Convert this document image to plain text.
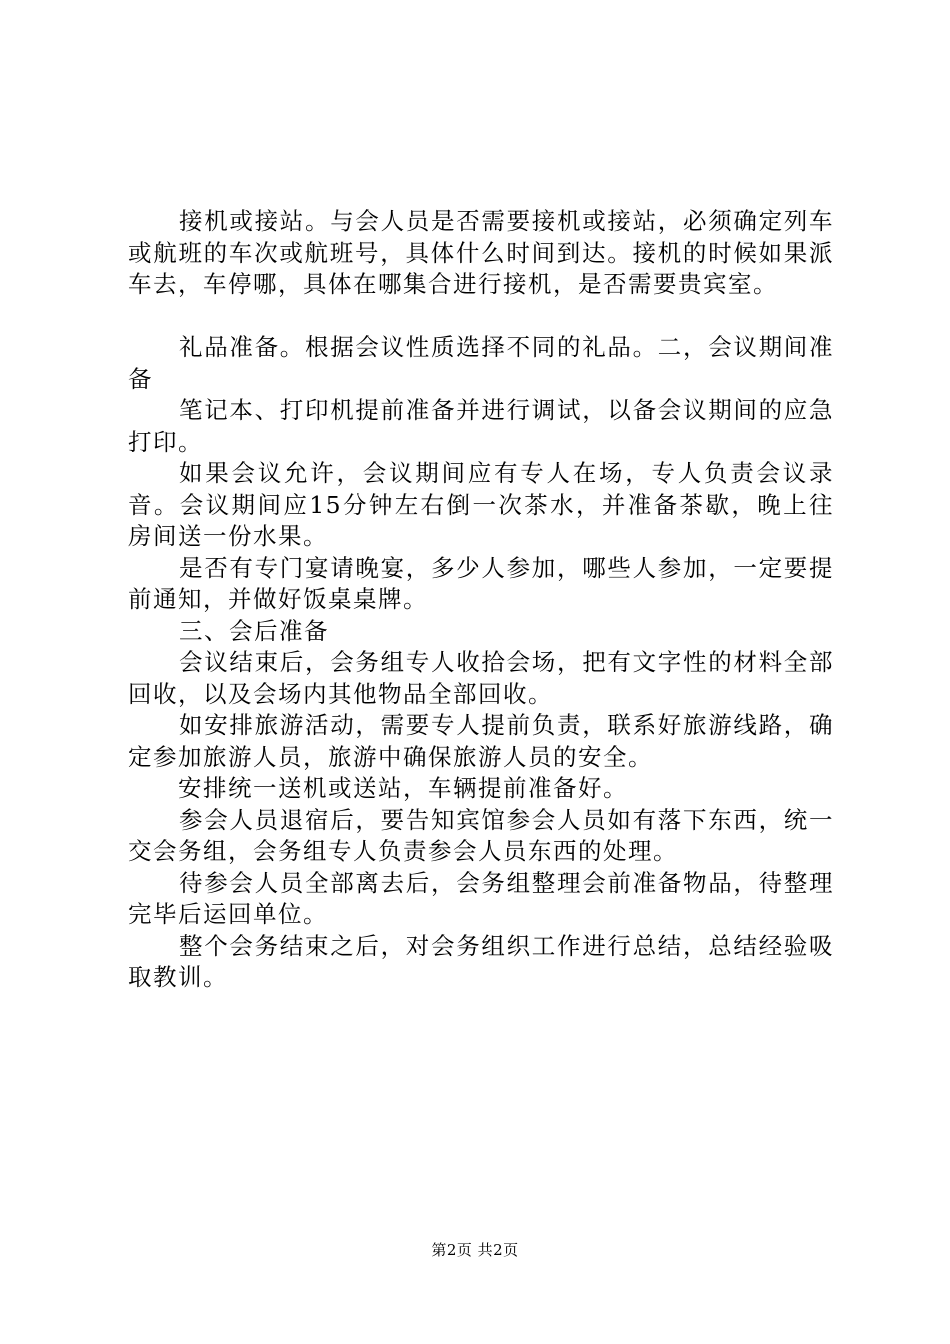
接机或接站。与会人员是否需要接机或接站，必须确定列车或航班的车次或航班号，具体什么时间到达。接机的时候如果派车去，车停哪，具体在哪集合进行接机，是否需要贵宾室。

礼品准备。根据会议性质选择不同的礼品。二，会议期间准备

笔记本、打印机提前准备并进行调试，以备会议期间的应急打印。

如果会议允许，会议期间应有专人在场，专人负责会议录音。会议期间应15分钟左右倒一次茶水，并准备茶歇，晚上往房间送一份水果。

是否有专门宴请晚宴，多少人参加，哪些人参加，一定要提前通知，并做好饭桌桌牌。

三、会后准备

会议结束后，会务组专人收拾会场，把有文字性的材料全部回收，以及会场内其他物品全部回收。

如安排旅游活动，需要专人提前负责，联系好旅游线路，确定参加旅游人员，旅游中确保旅游人员的安全。

安排统一送机或送站，车辆提前准备好。

参会人员退宿后，要告知宾馆参会人员如有落下东西，统一交会务组，会务组专人负责参会人员东西的处理。

待参会人员全部离去后，会务组整理会前准备物品，待整理完毕后运回单位。

整个会务结束之后，对会务组织工作进行总结，总结经验吸取教训。

第2页 共2页
